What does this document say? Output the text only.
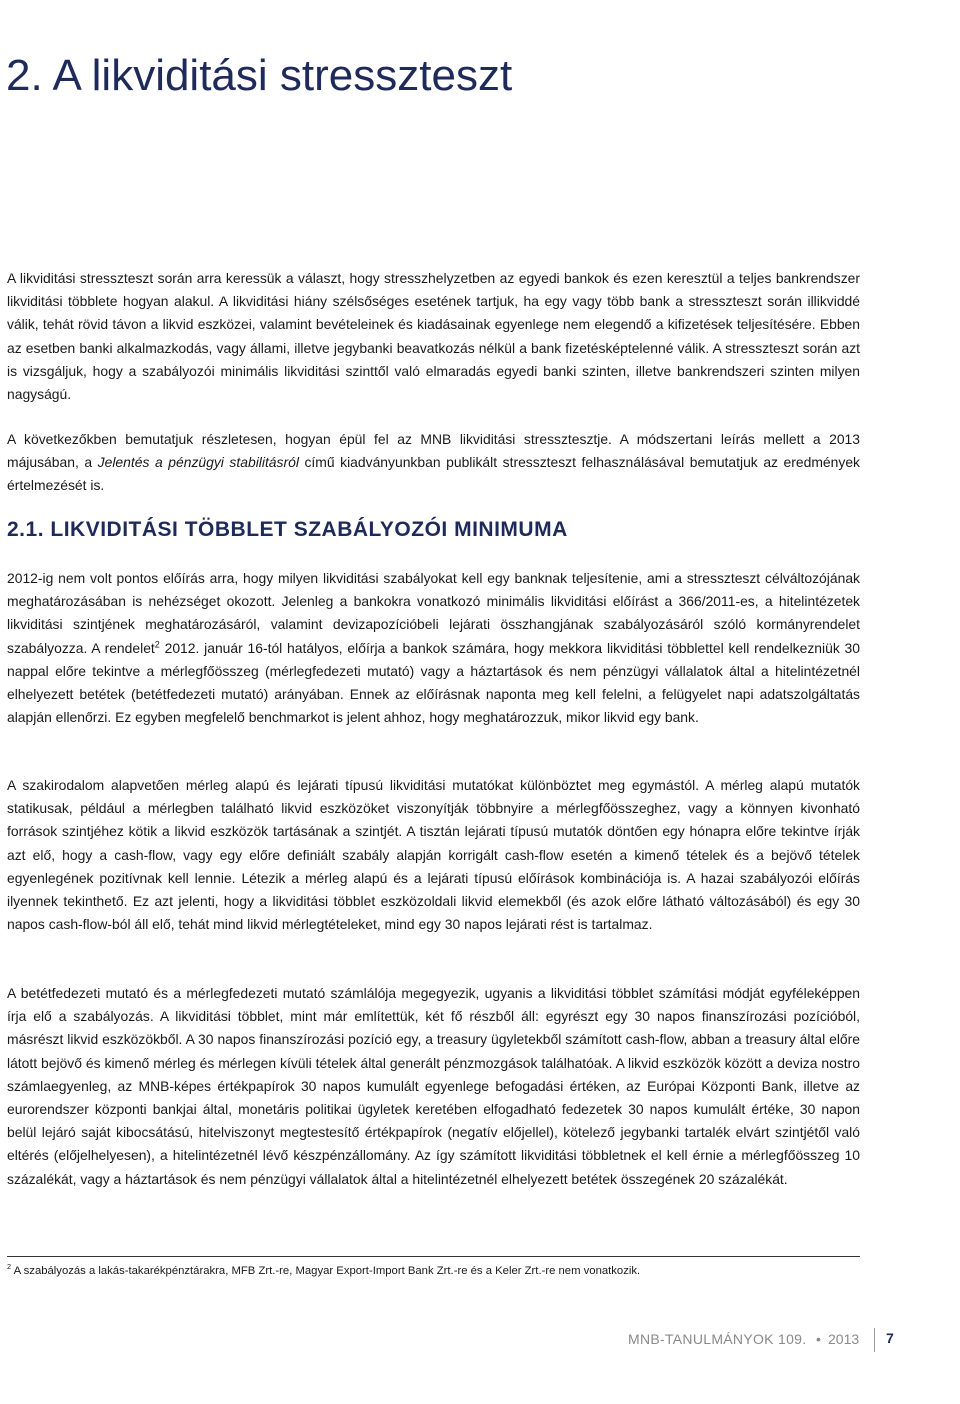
2. A likviditási stresszteszt

A likviditási stresszteszt során arra keressük a választ, hogy stresszhelyzetben az egyedi bankok és ezen keresztül a teljes bankrendszer likviditási többlete hogyan alakul. A likviditási hiány szélsőséges esetének tartjuk, ha egy vagy több bank a stresszteszt során illikviddé válik, tehát rövid távon a likvid eszközei, valamint bevételeinek és kiadásainak egyenlege nem elegendő a kifizetések teljesítésére. Ebben az esetben banki alkalmazkodás, vagy állami, illetve jegybanki beavatkozás nélkül a bank fizetésképtelenné válik. A stresszteszt során azt is vizsgáljuk, hogy a szabályozói minimális likviditási szinttől való elmaradás egyedi banki szinten, illetve bankrendszeri szinten milyen nagyságú.

A következőkben bemutatjuk részletesen, hogyan épül fel az MNB likviditási stressztesztje. A módszertani leírás mellett a 2013 májusában, a Jelentés a pénzügyi stabilitásról című kiadványunkban publikált stresszteszt felhasználásával bemutatjuk az eredmények értelmezését is.

2.1. LIKVIDITÁSI TÖBBLET SZABÁLYOZÓI MINIMUMA

2012-ig nem volt pontos előírás arra, hogy milyen likviditási szabályokat kell egy banknak teljesítenie, ami a stresszteszt célváltozójának meghatározásában is nehézséget okozott. Jelenleg a bankokra vonatkozó minimális likviditási előírást a 366/2011-es, a hitelintézetek likviditási szintjének meghatározásáról, valamint devizapozícióbeli lejárati összhangjának szabályozásáról szóló kormányrendelet szabályozza. A rendelet$^2$ 2012. január 16-tól hatályos, előírja a bankok számára, hogy mekkora likviditási többlettel kell rendelkezniük 30 nappal előre tekintve a mérlegfőösszeg (mérlegfedezeti mutató) vagy a háztartások és nem pénzügyi vállalatok által a hitelintézetnél elhelyezett betétek (betétfedezeti mutató) arányában. Ennek az előírásnak naponta meg kell felelni, a felügyelet napi adatszolgáltatás alapján ellenőrzi. Ez egyben megfelelő benchmarkot is jelent ahhoz, hogy meghatározzuk, mikor likvid egy bank.

A szakirodalom alapvetően mérleg alapú és lejárati típusú likviditási mutatókat különböztet meg egymástól. A mérleg alapú mutatók statikusak, például a mérlegben található likvid eszközöket viszonyítják többnyire a mérlegfőösszeghez, vagy a könnyen kivonható források szintjéhez kötik a likvid eszközök tartásának a szintjét. A tisztán lejárati típusú mutatók döntően egy hónapra előre tekintve írják azt elő, hogy a cash-flow, vagy egy előre definiált szabály alapján korrigált cash-flow esetén a kimenő tételek és a bejövő tételek egyenlegének pozitívnak kell lennie. Létezik a mérleg alapú és a lejárati típusú előírások kombinációja is. A hazai szabályozói előírás ilyennek tekinthető. Ez azt jelenti, hogy a likviditási többlet eszközoldali likvid elemekből (és azok előre látható változásából) és egy 30 napos cash-flow-ból áll elő, tehát mind likvid mérlegtételeket, mind egy 30 napos lejárati rést is tartalmaz.

A betétfedezeti mutató és a mérlegfedezeti mutató számlálója megegyezik, ugyanis a likviditási többlet számítási módját egyféleképpen írja elő a szabályozás. A likviditási többlet, mint már említettük, két fő részből áll: egyrészt egy 30 napos finanszírozási pozícióból, másrészt likvid eszközökből. A 30 napos finanszírozási pozíció egy, a treasury ügyletekből számított cash-flow, abban a treasury által előre látott bejövő és kimenő mérleg és mérlegen kívüli tételek által generált pénzmozgások találhatóak. A likvid eszközök között a deviza nostro számlaegyenleg, az MNB-képes értékpapírok 30 napos kumulált egyenlege befogadási értéken, az Európai Központi Bank, illetve az eurorendszer központi bankjai által, monetáris politikai ügyletek keretében elfogadható fedezetek 30 napos kumulált értéke, 30 napon belül lejáró saját kibocsátású, hitelviszonyt megtestesítő értékpapírok (negatív előjellel), kötelező jegybanki tartalék elvárt szintjétől való eltérés (előjelhelyesen), a hitelintézetnél lévő készpénzállomány. Az így számított likviditási többletnek el kell érnie a mérlegfőösszeg 10 százalékát, vagy a háztartások és nem pénzügyi vállalatok által a hitelintézetnél elhelyezett betétek összegének 20 százalékát.

$^2$ A szabályozás a lakás-takarékpénztárakra, MFB Zrt.-re, Magyar Export-Import Bank Zrt.-re és a Keler Zrt.-re nem vonatkozik.

MNB-TANULMÁNYOK 109. • 2013 7
